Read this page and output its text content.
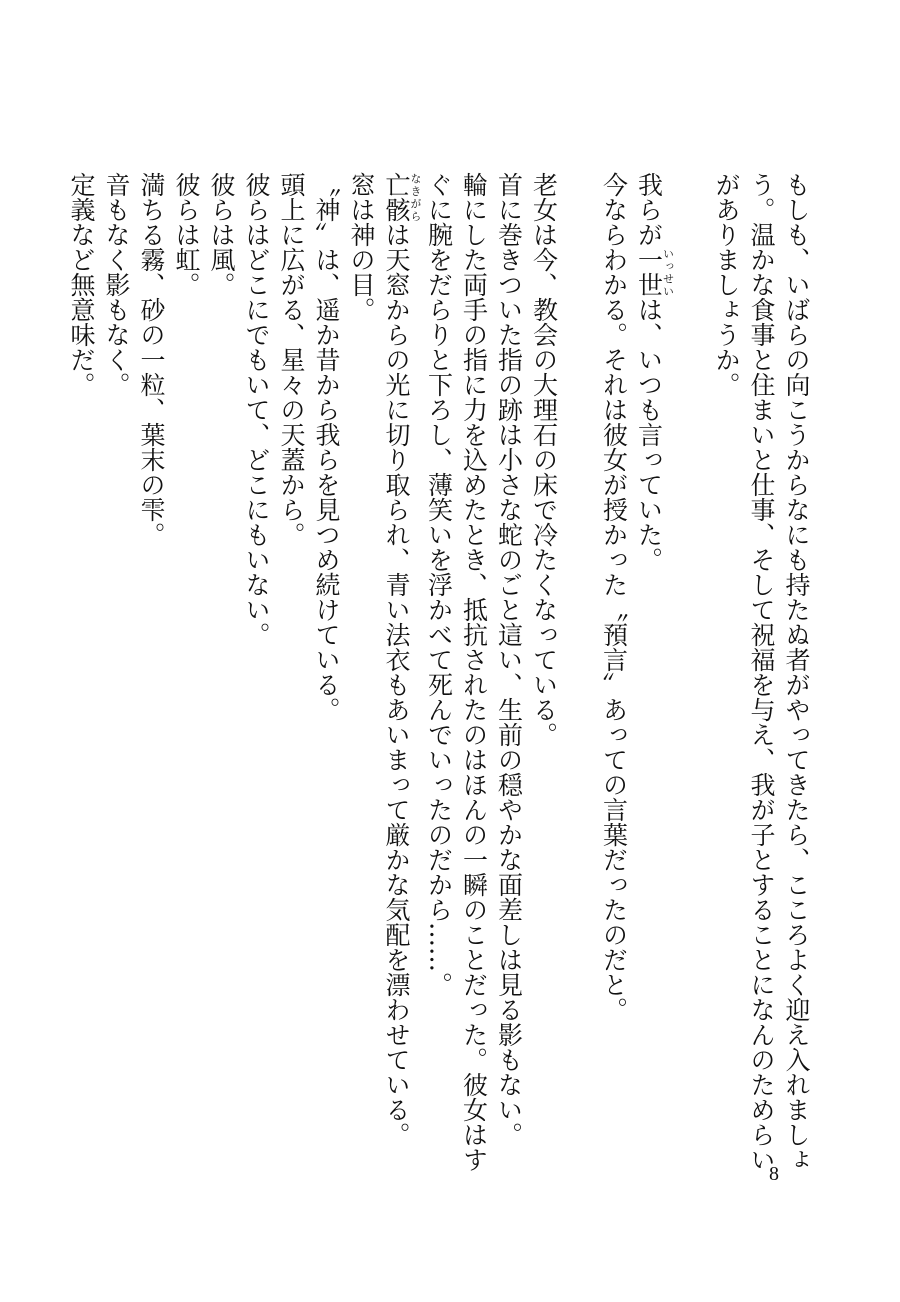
もしも、いばらの向こうからなにも持たぬ者がやってきたら、こころよく迎え入れましょう。温かな食事と住まいと仕事、そして祝福を与え、我が子とすることになんのためらいがありましょうか。
我らが一世いっせいは、いつも言っていた。
今ならわかる。それは彼女が授かった〝預言〟あっての言葉だったのだと。
老女は今、教会の大理石の床で冷たくなっている。
首に巻きついた指の跡は小さな蛇のごと這い、生前の穏やかな面差しは見る影もない。
輪にした両手の指に力を込めたとき、抵抗されたのはほんの一瞬のことだった。彼女はすぐに腕をだらりと下ろし、薄笑いを浮かべて死んでいったのだから……。
亡骸なきがらは天窓からの光に切り取られ、青い法衣もあいまって厳かな気配を漂わせている。
窓は神の目。
〝神〟は、遥か昔から我らを見つめ続けている。
頭上に広がる、星々の天蓋から。
彼らはどこにでもいて、どこにもいない。
彼らは風。
彼らは虹。
満ちる霧、砂の一粒、葉末の雫。
音もなく影もなく。
定義など無意味だ。
8
